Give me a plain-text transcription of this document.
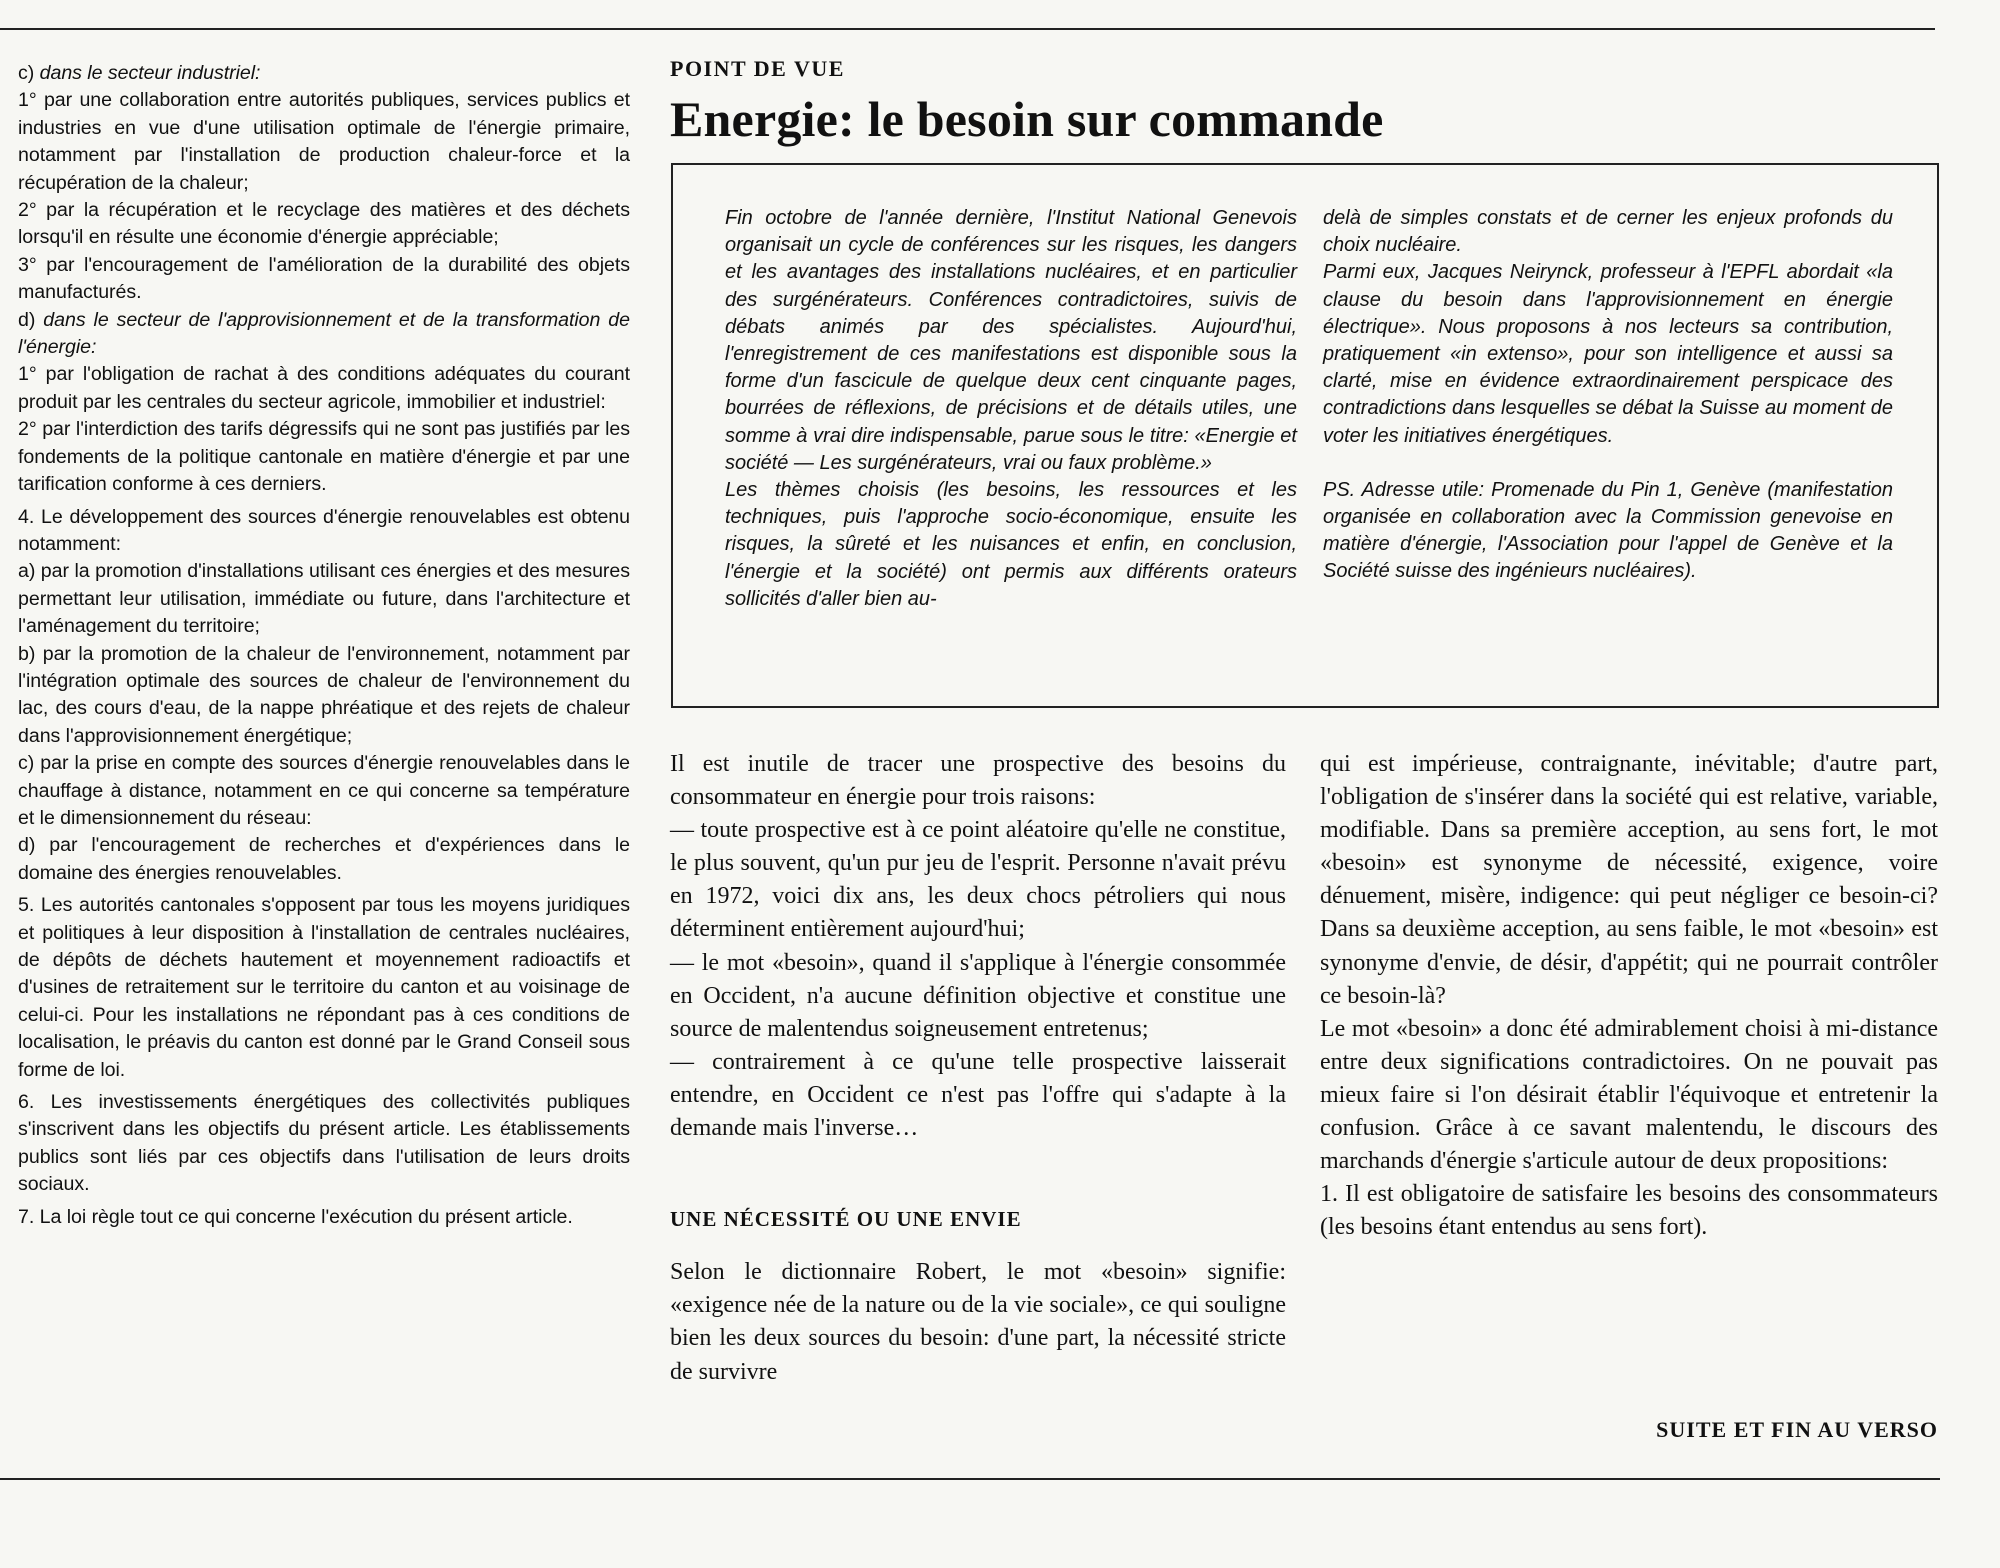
c) dans le secteur industriel:

1° par une collaboration entre autorités publiques, services publics et industries en vue d'une utilisation optimale de l'énergie primaire, notamment par l'installation de production chaleur-force et la récupération de la chaleur;

2° par la récupération et le recyclage des matières et des déchets lorsqu'il en résulte une économie d'énergie appréciable;

3° par l'encouragement de l'amélioration de la durabilité des objets manufacturés.

d) dans le secteur de l'approvisionnement et de la transformation de l'énergie:

1° par l'obligation de rachat à des conditions adéquates du courant produit par les centrales du secteur agricole, immobilier et industriel:

2° par l'interdiction des tarifs dégressifs qui ne sont pas justifiés par les fondements de la politique cantonale en matière d'énergie et par une tarification conforme à ces derniers.

4. Le développement des sources d'énergie renouvelables est obtenu notamment:

a) par la promotion d'installations utilisant ces énergies et des mesures permettant leur utilisation, immédiate ou future, dans l'architecture et l'aménagement du territoire;

b) par la promotion de la chaleur de l'environnement, notamment par l'intégration optimale des sources de chaleur de l'environnement du lac, des cours d'eau, de la nappe phréatique et des rejets de chaleur dans l'approvisionnement énergétique;

c) par la prise en compte des sources d'énergie renouvelables dans le chauffage à distance, notamment en ce qui concerne sa température et le dimensionnement du réseau:

d) par l'encouragement de recherches et d'expériences dans le domaine des énergies renouvelables.

5. Les autorités cantonales s'opposent par tous les moyens juridiques et politiques à leur disposition à l'installation de centrales nucléaires, de dépôts de déchets hautement et moyennement radioactifs et d'usines de retraitement sur le territoire du canton et au voisinage de celui-ci. Pour les installations ne répondant pas à ces conditions de localisation, le préavis du canton est donné par le Grand Conseil sous forme de loi.

6. Les investissements énergétiques des collectivités publiques s'inscrivent dans les objectifs du présent article. Les établissements publics sont liés par ces objectifs dans l'utilisation de leurs droits sociaux.

7. La loi règle tout ce qui concerne l'exécution du présent article.

POINT DE VUE
Energie: le besoin sur commande

Fin octobre de l'année dernière, l'Institut National Genevois organisait un cycle de conférences sur les risques, les dangers et les avantages des installations nucléaires, et en particulier des surgénérateurs. Conférences contradictoires, suivis de débats animés par des spécialistes. Aujourd'hui, l'enregistrement de ces manifestations est disponible sous la forme d'un fascicule de quelque deux cent cinquante pages, bourrées de réflexions, de précisions et de détails utiles, une somme à vrai dire indispensable, parue sous le titre: «Energie et société — Les surgénérateurs, vrai ou faux problème.»

Les thèmes choisis (les besoins, les ressources et les techniques, puis l'approche socio-économique, ensuite les risques, la sûreté et les nuisances et enfin, en conclusion, l'énergie et la société) ont permis aux différents orateurs sollicités d'aller bien au-

delà de simples constats et de cerner les enjeux profonds du choix nucléaire.

Parmi eux, Jacques Neirynck, professeur à l'EPFL abordait «la clause du besoin dans l'approvisionnement en énergie électrique». Nous proposons à nos lecteurs sa contribution, pratiquement «in extenso», pour son intelligence et aussi sa clarté, mise en évidence extraordinairement perspicace des contradictions dans lesquelles se débat la Suisse au moment de voter les initiatives énergétiques.

PS. Adresse utile: Promenade du Pin 1, Genève (manifestation organisée en collaboration avec la Commission genevoise en matière d'énergie, l'Association pour l'appel de Genève et la Société suisse des ingénieurs nucléaires).

Il est inutile de tracer une prospective des besoins du consommateur en énergie pour trois raisons:

— toute prospective est à ce point aléatoire qu'elle ne constitue, le plus souvent, qu'un pur jeu de l'esprit. Personne n'avait prévu en 1972, voici dix ans, les deux chocs pétroliers qui nous déterminent entièrement aujourd'hui;

— le mot «besoin», quand il s'applique à l'énergie consommée en Occident, n'a aucune définition objective et constitue une source de malentendus soigneusement entretenus;

— contrairement à ce qu'une telle prospective laisserait entendre, en Occident ce n'est pas l'offre qui s'adapte à la demande mais l'inverse…

UNE NÉCESSITÉ OU UNE ENVIE

Selon le dictionnaire Robert, le mot «besoin» signifie: «exigence née de la nature ou de la vie sociale», ce qui souligne bien les deux sources du besoin: d'une part, la nécessité stricte de survivre

qui est impérieuse, contraignante, inévitable; d'autre part, l'obligation de s'insérer dans la société qui est relative, variable, modifiable. Dans sa première acception, au sens fort, le mot «besoin» est synonyme de nécessité, exigence, voire dénuement, misère, indigence: qui peut négliger ce besoin-ci? Dans sa deuxième acception, au sens faible, le mot «besoin» est synonyme d'envie, de désir, d'appétit; qui ne pourrait contrôler ce besoin-là?

Le mot «besoin» a donc été admirablement choisi à mi-distance entre deux significations contradictoires. On ne pouvait pas mieux faire si l'on désirait établir l'équivoque et entretenir la confusion. Grâce à ce savant malentendu, le discours des marchands d'énergie s'articule autour de deux propositions:

1. Il est obligatoire de satisfaire les besoins des consommateurs (les besoins étant entendus au sens fort).

SUITE ET FIN AU VERSO
